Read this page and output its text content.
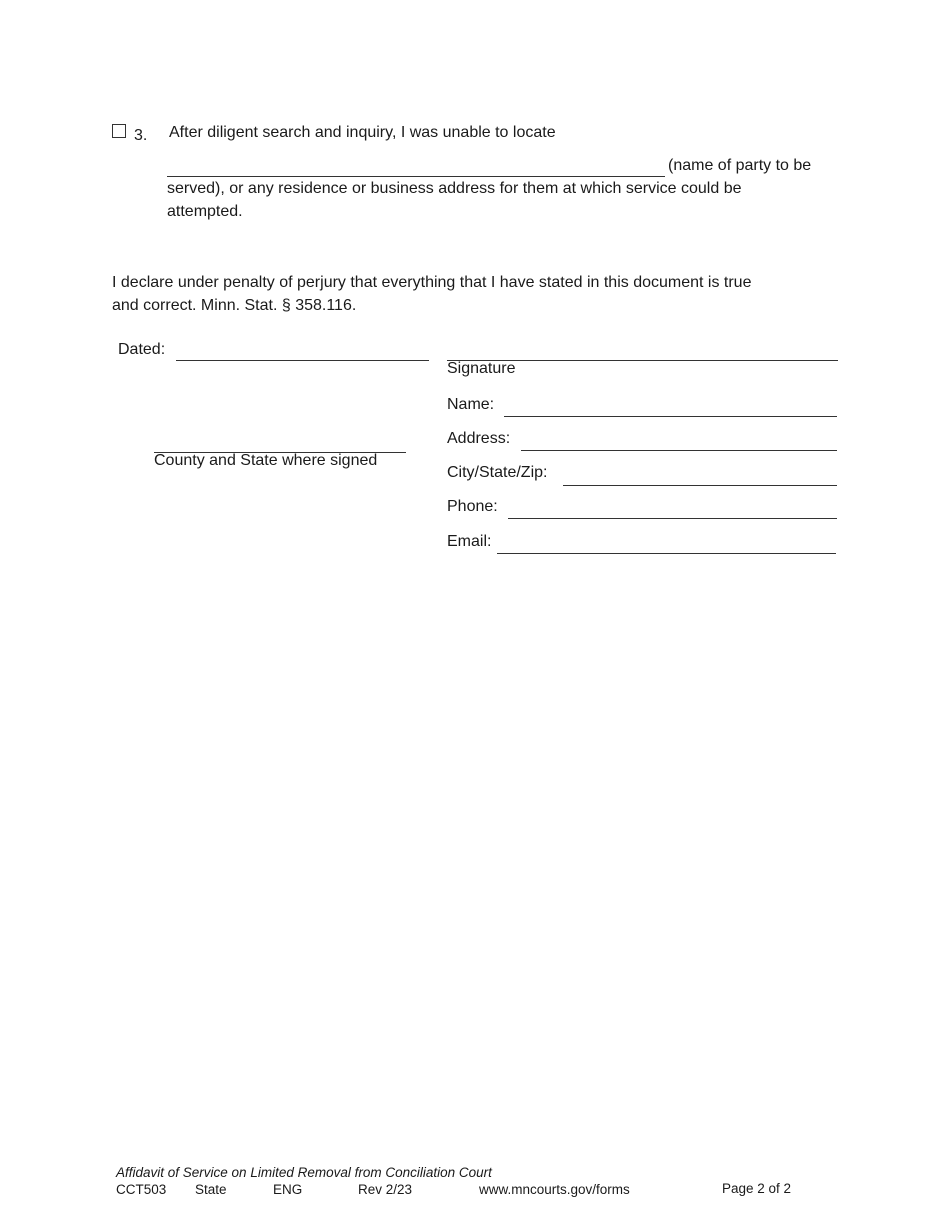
3. After diligent search and inquiry, I was unable to locate
(name of party to be
served), or any residence or business address for them at which service could be
attempted.
I declare under penalty of perjury that everything that I have stated in this document is true
and correct. Minn. Stat. § 358.116.
Dated:
County and State where signed
Signature
Name:
Address:
City/State/Zip:
Phone:
Email:
Affidavit of Service on Limited Removal from Conciliation Court
CCT503 State	ENG	Rev 2/23	www.mncourts.gov/forms	Page 2 of 2
